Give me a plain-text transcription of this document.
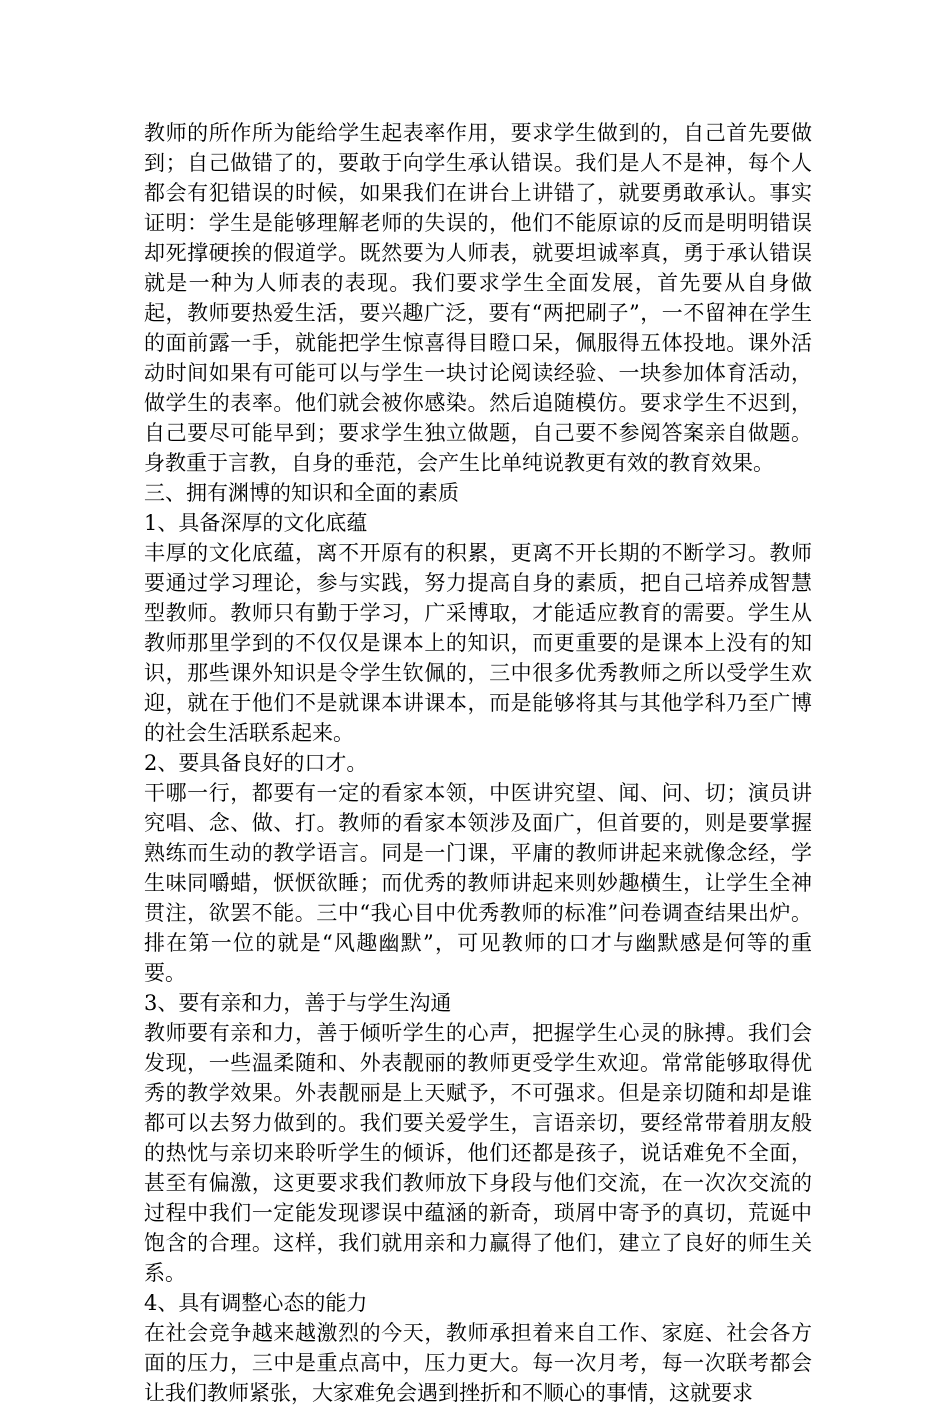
教师的所作所为能给学生起表率作用，要求学生做到的，自己首先要做到；自己做错了的，要敢于向学生承认错误。我们是人不是神，每个人都会有犯错误的时候，如果我们在讲台上讲错了，就要勇敢承认。事实证明：学生是能够理解老师的失误的，他们不能原谅的反而是明明错误却死撑硬挨的假道学。既然要为人师表，就要坦诚率真，勇于承认错误就是一种为人师表的表现。我们要求学生全面发展，首先要从自身做起，教师要热爱生活，要兴趣广泛，要有“两把刷子”，一不留神在学生的面前露一手，就能把学生惊喜得目瞪口呆，佩服得五体投地。课外活动时间如果有可能可以与学生一块讨论阅读经验、一块参加体育活动，做学生的表率。他们就会被你感染。然后追随模仿。要求学生不迟到，自己要尽可能早到；要求学生独立做题，自己要不参阅答案亲自做题。身教重于言教，自身的垂范，会产生比单纯说教更有效的教育效果。

三、拥有渊博的知识和全面的素质

1、具备深厚的文化底蕴

丰厚的文化底蕴，离不开原有的积累，更离不开长期的不断学习。教师要通过学习理论，参与实践，努力提高自身的素质，把自己培养成智慧型教师。教师只有勤于学习，广采博取，才能适应教育的需要。学生从教师那里学到的不仅仅是课本上的知识，而更重要的是课本上没有的知识，那些课外知识是令学生钦佩的，三中很多优秀教师之所以受学生欢迎，就在于他们不是就课本讲课本，而是能够将其与其他学科乃至广博的社会生活联系起来。

2、要具备良好的口才。

干哪一行，都要有一定的看家本领，中医讲究望、闻、问、切；演员讲究唱、念、做、打。教师的看家本领涉及面广，但首要的，则是要掌握熟练而生动的教学语言。同是一门课，平庸的教师讲起来就像念经，学生味同嚼蜡，恹恹欲睡；而优秀的教师讲起来则妙趣横生，让学生全神贯注，欲罢不能。三中“我心目中优秀教师的标准”问卷调查结果出炉。排在第一位的就是“风趣幽默”，可见教师的口才与幽默感是何等的重要。

3、要有亲和力，善于与学生沟通

教师要有亲和力，善于倾听学生的心声，把握学生心灵的脉搏。我们会发现，一些温柔随和、外表靓丽的教师更受学生欢迎。常常能够取得优秀的教学效果。外表靓丽是上天赋予，不可强求。但是亲切随和却是谁都可以去努力做到的。我们要关爱学生，言语亲切，要经常带着朋友般的热忱与亲切来聆听学生的倾诉，他们还都是孩子，说话难免不全面，甚至有偏激，这更要求我们教师放下身段与他们交流，在一次次交流的过程中我们一定能发现谬误中蕴涵的新奇，琐屑中寄予的真切，荒诞中饱含的合理。这样，我们就用亲和力赢得了他们，建立了良好的师生关系。

4、具有调整心态的能力

在社会竞争越来越激烈的今天，教师承担着来自工作、家庭、社会各方面的压力，三中是重点高中，压力更大。每一次月考，每一次联考都会让我们教师紧张，大家难免会遇到挫折和不顺心的事情，这就要求
